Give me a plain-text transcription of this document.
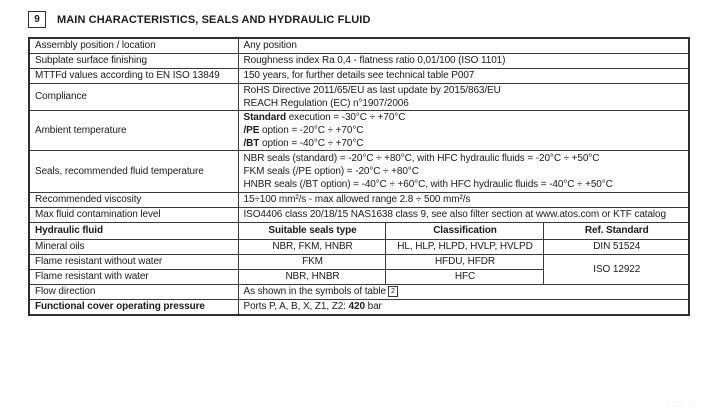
9	MAIN CHARACTERISTICS, SEALS AND HYDRAULIC FLUID
Assembly position / location	Any position		
Subplate surface finishing	Roughness index Ra 0,4 - flatness ratio 0,01/100 (ISO 1101)		
MTTFd values according to EN ISO 13849	150 years, for further details see technical table P007		
Compliance	RoHS Directive 2011/65/EU as last update by 2015/863/EU
REACH Regulation (EC) n°1907/2006		

Ambient temperature	Standard execution = -30°C ÷ +70°C
/PE option = -20°C ÷ +70°C
/BT option = -40°C ÷ +70°C		

Seals, recommended fluid temperature	NBR seals (standard) = -20°C ÷ +80°C, with HFC hydraulic fluids = -20°C ÷ +50°C
FKM seals (/PE option) = -20°C ÷ +80°C
HNBR seals (/BT option) = -40°C ÷ +60°C, with HFC hydraulic fluids = -40°C ÷ +50°C		

Recommended viscosity	15÷100 mm²/s - max allowed range 2.8 ÷ 500 mm²/s		
Max fluid contamination level	ISO4406 class 20/18/15 NAS1638 class 9, see also filter section at www.atos.com or KTF catalog		
Hydraulic fluid	Suitable seals type	Classification	Ref. Standard
Mineral oils	NBR, FKM, HNBR	HL, HLP, HLPD, HVLP, HVLPD	DIN 51524
Flame resistant without water	FKM	HFDU, HFDR	ISO 12922
Flame resistant with water	NBR, HNBR	HFC	
Flow direction	As shown in the symbols of table 2		
Functional cover operating pressure	Ports P, A, B, X, Z1, Z2: 420 bar		
· ·· · ··
